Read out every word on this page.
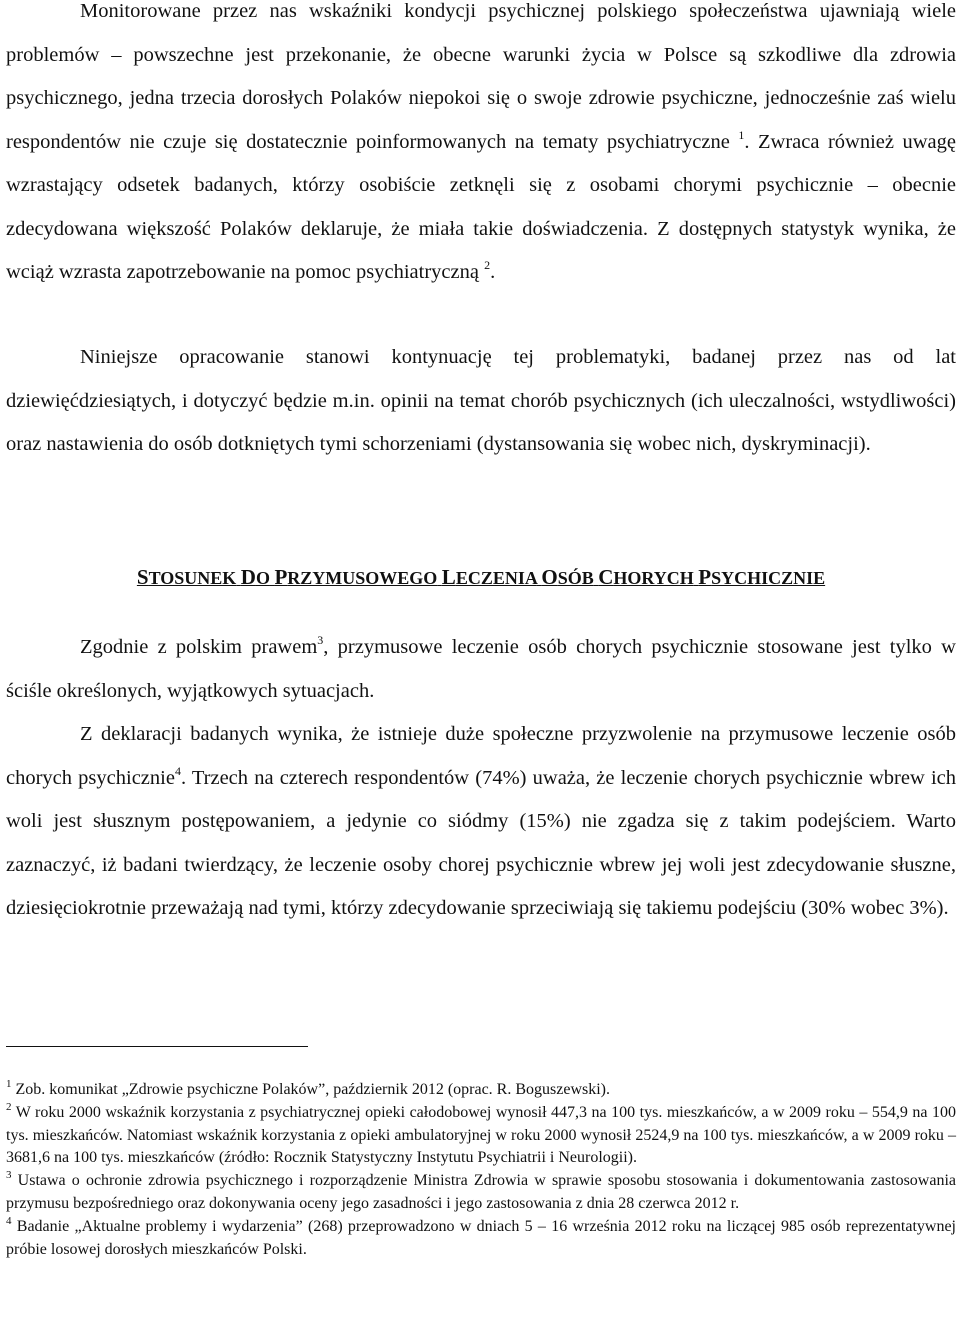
Monitorowane przez nas wskaźniki kondycji psychicznej polskiego społeczeństwa ujawniają wiele problemów – powszechne jest przekonanie, że obecne warunki życia w Polsce są szkodliwe dla zdrowia psychicznego, jedna trzecia dorosłych Polaków niepokoi się o swoje zdrowie psychiczne, jednocześnie zaś wielu respondentów nie czuje się dostatecznie poinformowanych na tematy psychiatryczne $^1$. Zwraca również uwagę wzrastający odsetek badanych, którzy osobiście zetknęli się z osobami chorymi psychicznie – obecnie zdecydowana większość Polaków deklaruje, że miała takie doświadczenia. Z dostępnych statystyk wynika, że wciąż wzrasta zapotrzebowanie na pomoc psychiatryczną $^2$.

Niniejsze opracowanie stanowi kontynuację tej problematyki, badanej przez nas od lat dziewięćdziesiątych, i dotyczyć będzie m.in. opinii na temat chorób psychicznych (ich uleczalności, wstydliwości) oraz nastawienia do osób dotkniętych tymi schorzeniami (dystansowania się wobec nich, dyskryminacji).

STOSUNEK DO PRZYMUSOWEGO LECZENIA OSÓB CHORYCH PSYCHICZNIE

Zgodnie z polskim prawem$^3$, przymusowe leczenie osób chorych psychicznie stosowane jest tylko w ściśle określonych, wyjątkowych sytuacjach.

Z deklaracji badanych wynika, że istnieje duże społeczne przyzwolenie na przymusowe leczenie osób chorych psychicznie$^4$. Trzech na czterech respondentów (74%) uważa, że leczenie chorych psychicznie wbrew ich woli jest słusznym postępowaniem, a jedynie co siódmy (15%) nie zgadza się z takim podejściem. Warto zaznaczyć, iż badani twierdzący, że leczenie osoby chorej psychicznie wbrew jej woli jest zdecydowanie słuszne, dziesięciokrotnie przeważają nad tymi, którzy zdecydowanie sprzeciwiają się takiemu podejściu (30% wobec 3%).

$^1$ Zob. komunikat „Zdrowie psychiczne Polaków”, październik 2012 (oprac. R. Boguszewski).

$^2$ W roku 2000 wskaźnik korzystania z psychiatrycznej opieki całodobowej wynosił 447,3 na 100 tys. mieszkańców, a w 2009 roku – 554,9 na 100 tys. mieszkańców. Natomiast wskaźnik korzystania z opieki ambulatoryjnej w roku 2000 wynosił 2524,9 na 100 tys. mieszkańców, a w 2009 roku – 3681,6 na 100 tys. mieszkańców (źródło: Rocznik Statystyczny Instytutu Psychiatrii i Neurologii).

$^3$ Ustawa o ochronie zdrowia psychicznego i rozporządzenie Ministra Zdrowia w sprawie sposobu stosowania i dokumentowania zastosowania przymusu bezpośredniego oraz dokonywania oceny jego zasadności i jego zastosowania z dnia 28 czerwca 2012 r.

$^4$ Badanie „Aktualne problemy i wydarzenia” (268) przeprowadzono w dniach 5 – 16 września 2012 roku na liczącej 985 osób reprezentatywnej próbie losowej dorosłych mieszkańców Polski.
